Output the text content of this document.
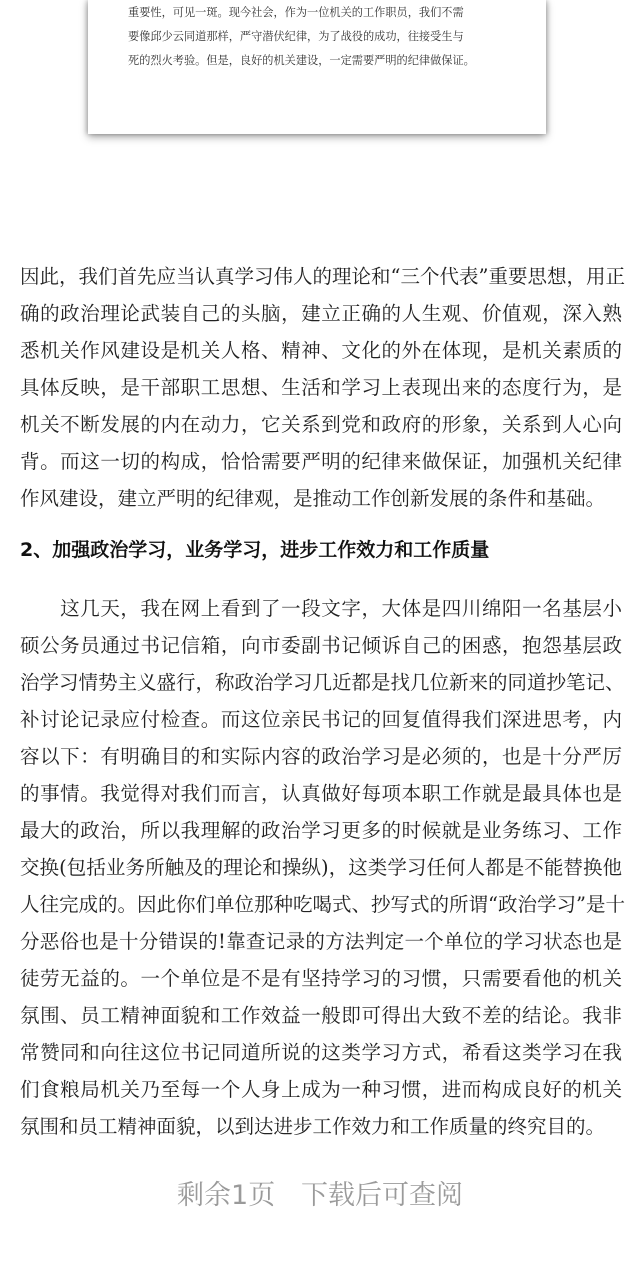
重要性，可见一斑。现今社会，作为一位机关的工作职员，我们不需

要像邱少云同道那样，严守潜伏纪律，为了战役的成功，往接受生与

死的烈火考验。但是，良好的机关建设，一定需要严明的纪律做保证。

因此，我们首先应当认真学习伟人的理论和“三个代表”重要思想，用正
确的政治理论武装自己的头脑，建立正确的人生观、价值观，深入熟
悉机关作风建设是机关人格、精神、文化的外在体现，是机关素质的
具体反映，是干部职工思想、生活和学习上表现出来的态度行为，是
机关不断发展的内在动力，它关系到党和政府的形象，关系到人心向
背。而这一切的构成，恰恰需要严明的纪律来做保证，加强机关纪律
作风建设，建立严明的纪律观，是推动工作创新发展的条件和基础。
2、加强政治学习，业务学习，进步工作效力和工作质量
　　这几天，我在网上看到了一段文字，大体是四川绵阳一名基层小
硕公务员通过书记信箱，向市委副书记倾诉自己的困惑，抱怨基层政
治学习情势主义盛行，称政治学习几近都是找几位新来的同道抄笔记、
补讨论记录应付检查。而这位亲民书记的回复值得我们深进思考，内
容以下：有明确目的和实际内容的政治学习是必须的，也是十分严厉
的事情。我觉得对我们而言，认真做好每项本职工作就是最具体也是
最大的政治，所以我理解的政治学习更多的时候就是业务练习、工作
交换(包括业务所触及的理论和操纵)，这类学习任何人都是不能替换他
人往完成的。因此你们单位那种吃喝式、抄写式的所谓“政治学习”是十
分恶俗也是十分错误的!靠查记录的方法判定一个单位的学习状态也是
徒劳无益的。一个单位是不是有坚持学习的习惯，只需要看他的机关
氛围、员工精神面貌和工作效益一般即可得出大致不差的结论。我非
常赞同和向往这位书记同道所说的这类学习方式，希看这类学习在我
们食粮局机关乃至每一个人身上成为一种习惯，进而构成良好的机关
氛围和员工精神面貌，以到达进步工作效力和工作质量的终究目的。
剩余1页 下载后可查阅
